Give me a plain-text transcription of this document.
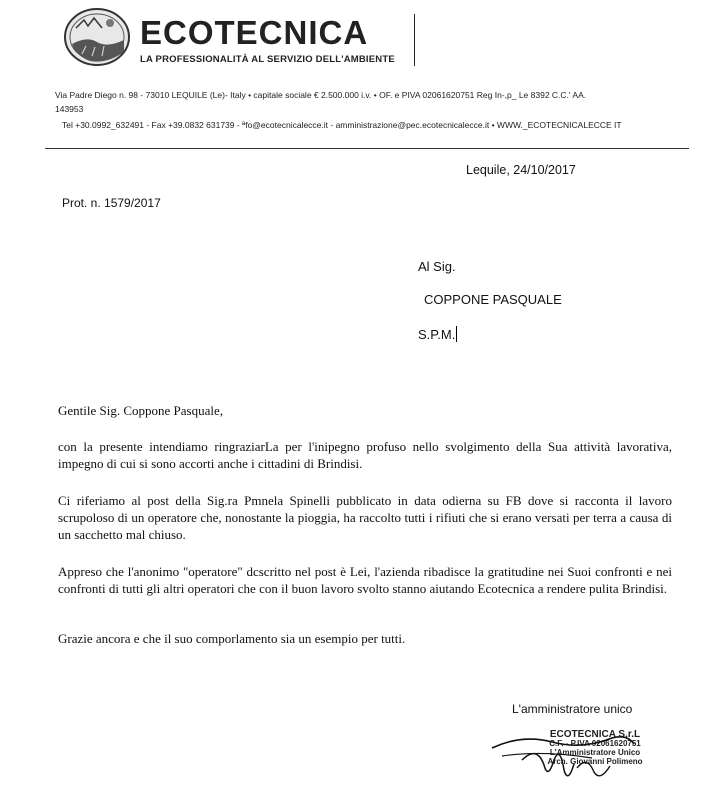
ECOTECNICA
LA PROFESSIONALITÀ AL SERVIZIO DELL'AMBIENTE
Via Padre Diego n. 98 - 73010 LEQUILE (Le)- Italy • capitale sociale € 2.500.000 i.v. • OF. e PIVA 02061620751 Reg In-,p_ Le 8392 C.C.' AA.
143953
Tel +30.0992_632491 - Fax +39.0832 631739 - ªfo@ecotecnicalecce.it - amministrazione@pec.ecotecnicalecce.it • WWW._ECOTECNICALECCE IT
Lequile, 24/10/2017
Prot. n. 1579/2017
Al Sig.
COPPONE PASQUALE
S.P.M.
Gentile Sig. Coppone Pasquale,
con la presente intendiamo ringraziarLa per l'inipegno profuso nello svolgimento della Sua attività lavorativa, impegno di cui si sono accorti anche i cittadini di Brindisi.
Ci riferiamo al post della Sig.ra Pmnela Spinelli pubblicato in data odierna su FB dove si racconta il lavoro scrupoloso di un operatore che, nonostante la pioggia, ha raccolto tutti i rifiuti che si erano versati per terra a causa di un sacchetto mal chiuso.
Appreso che l'anonimo "operatore" dcscritto nel post è Lei, l'azienda ribadisce la gratitudine nei Suoi confronti e nei confronti di tutti gli altri operatori che con il buon lavoro svolto stanno aiutando Ecotecnica a rendere pulita Brindisi.
Grazie ancora e che il suo comporlamento sia un esempio per tutti.
L'amministratore unico
ECOTECNICA S.r.L
C.F. - P.IVA 02061620751
L'Amministratore Unico
Arch. Giovanni Polimeno
